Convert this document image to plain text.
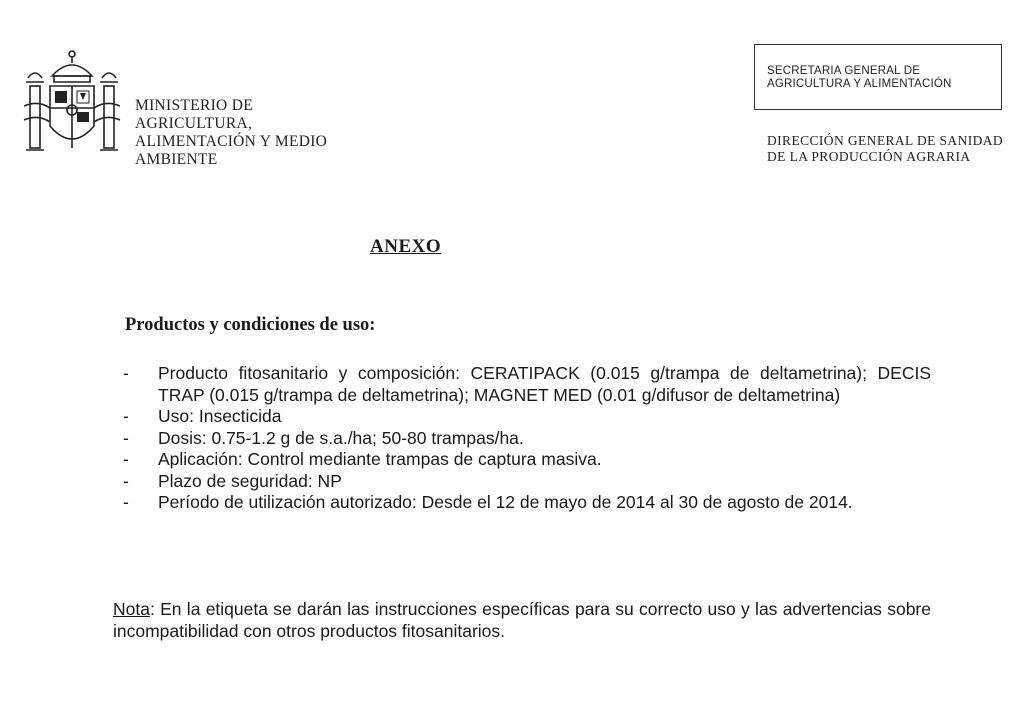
MINISTERIO DE
AGRICULTURA,
ALIMENTACIÓN Y MEDIO
AMBIENTE
SECRETARIA GENERAL DE
AGRICULTURA Y ALIMENTACIÓN
DIRECCIÓN GENERAL DE SANIDAD
DE LA PRODUCCIÓN AGRARIA
ANEXO
Productos y condiciones de uso:
- Producto fitosanitario y composición: CERATIPACK (0.015 g/trampa de deltametrina); DECIS TRAP (0.015 g/trampa de deltametrina); MAGNET MED (0.01 g/difusor de deltametrina)
- Uso: Insecticida
- Dosis: 0.75-1.2 g de s.a./ha; 50-80 trampas/ha.
- Aplicación: Control mediante trampas de captura masiva.
- Plazo de seguridad: NP
- Período de utilización autorizado: Desde el 12 de mayo de 2014 al 30 de agosto de 2014.
Nota: En la etiqueta se darán las instrucciones específicas para su correcto uso y las advertencias sobre incompatibilidad con otros productos fitosanitarios.
